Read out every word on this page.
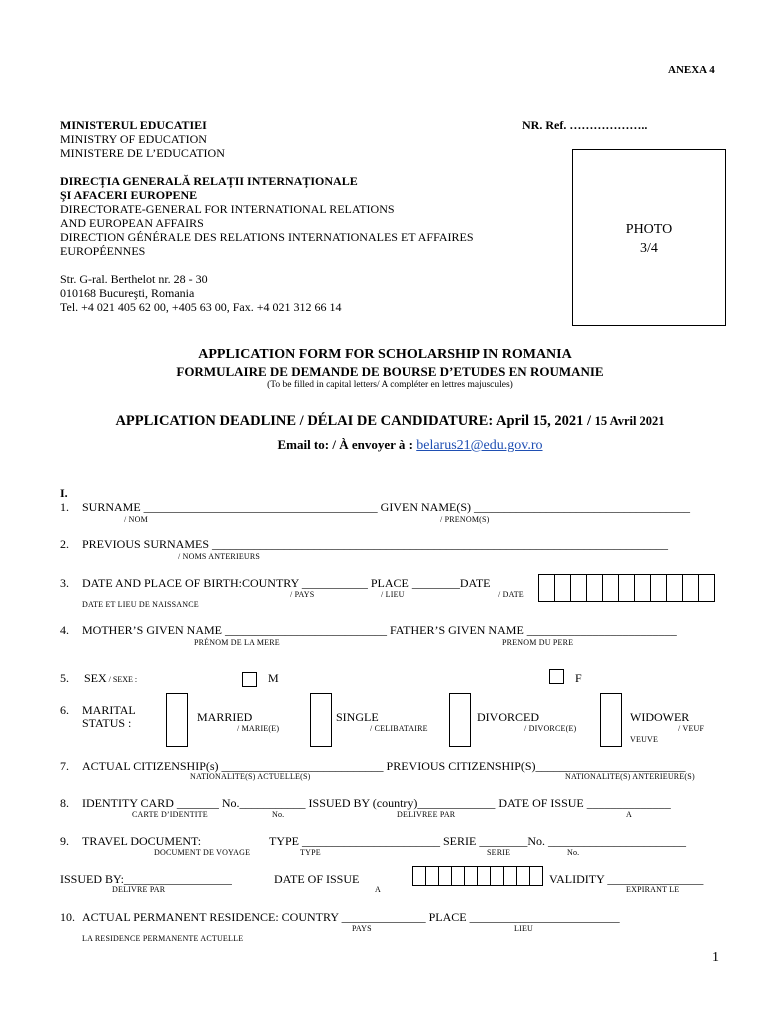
ANEXA 4
MINISTERUL EDUCATIEI
MINISTRY OF EDUCATION
MINISTERE DE L’EDUCATION
NR. Ref. ………………..
DIRECȚIA GENERALĂ RELAȚII INTERNAȚIONALE
ŞI AFACERI EUROPENE
DIRECTORATE-GENERAL FOR INTERNATIONAL RELATIONS
AND EUROPEAN AFFAIRS
DIRECTION GÉNÉRALE DES RELATIONS INTERNATIONALES ET AFFAIRES
EUROPÉENNES
Str. G-ral. Berthelot nr. 28 - 30
010168 Bucureşti, Romania
Tel. +4 021 405 62 00, +405 63 00, Fax. +4 021 312 66 14
PHOTO
3/4
APPLICATION FORM FOR SCHOLARSHIP IN ROMANIA
FORMULAIRE DE DEMANDE DE BOURSE D’ETUDES EN ROUMANIE
(To be filled in capital letters/ A compléter en lettres majuscules)
APPLICATION DEADLINE / DÉLAI DE CANDIDATURE: April 15, 2021 / 15 Avril 2021
Email to: / À envoyer à : belarus21@edu.gov.ro
I.
1. SURNAME _______________________________________ GIVEN NAME(S) ____________________________________
/ NOM	/ PRENOM(S)
2. PREVIOUS SURNAMES ____________________________________________________________________________
/ NOMS ANTERIEURS
3. DATE AND PLACE OF BIRTH:COUNTRY ___________ PLACE ________DATE
/ PAYS	/ LIEU	/ DATE
DATE ET LIEU DE NAISSANCE
4. MOTHER’S GIVEN NAME ___________________________ FATHER’S GIVEN NAME _________________________
PRÉNOM DE LA MERE	PRENOM DU PERE
5. SEX / SEXE :	M	F
6. MARITAL
STATUS :	MARRIED
/ MARIE(E)
SINGLE
/ CELIBATAIRE
DIVORCED
/ DIVORCE(E)
WIDOWER
/ VEUF
VEUVE
7. ACTUAL CITIZENSHIP(s) ___________________________ PREVIOUS CITIZENSHIP(S)_________________________
NATIONALITE(S) ACTUELLE(S)	NATIONALITE(S) ANTERIEURE(S)
8. IDENTITY CARD _______ No.___________ ISSUED BY (country)_____________ DATE OF ISSUE ______________
CARTE D’IDENTITE	No.	DELIVREE PAR	A
9. TRAVEL DOCUMENT:	TYPE _______________________ SERIE ________No. _______________________
DOCUMENT DE VOYAGE	TYPE	SERIE	No.
ISSUED BY:__________________	DATE OF ISSUE	VALIDITY ________________
DELIVRE PAR	A	EXPIRANT LE
10. ACTUAL PERMANENT RESIDENCE: COUNTRY ______________ PLACE _________________________
PAYS	LIEU
LA RESIDENCE PERMANENTE ACTUELLE
1
